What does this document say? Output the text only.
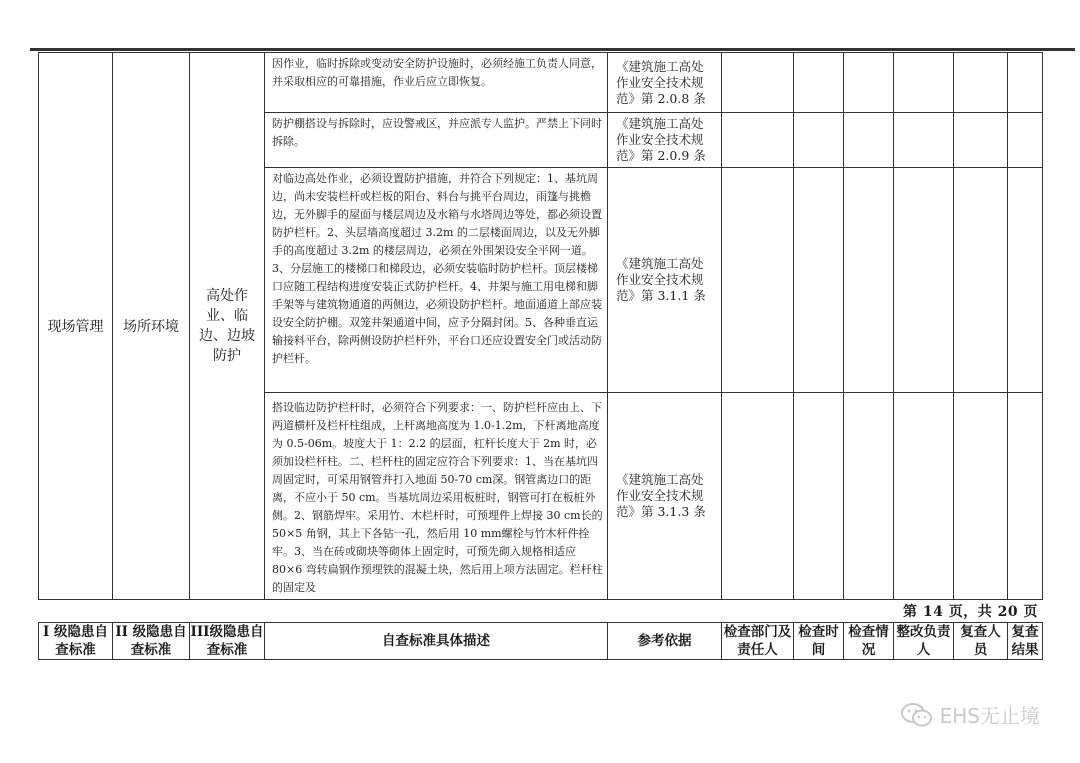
现场管理	场所环境	高处作业、临边、边坡防护	因作业，临时拆除或变动安全防护设施时，必须经施工负责人同意，并采取相应的可靠措施，作业后应立即恢复。	《建筑施工高处作业安全技术规范》第 2.0.8 条						
			防护棚搭设与拆除时，应设警戒区，并应派专人监护。严禁上下同时拆除。	《建筑施工高处作业安全技术规范》第 2.0.9 条						
			对临边高处作业，必须设置防护措施，并符合下列规定：1、基坑周边，尚未安装栏杆或栏板的阳台、料台与挑平台周边，雨篷与挑檐边，无外脚手的屋面与楼层周边及水箱与水塔周边等处，都必须设置防护栏杆。2、头层墙高度超过 3.2m 的二层楼面周边，以及无外脚手的高度超过 3.2m 的楼层周边，必须在外围架设安全平网一道。3、分层施工的楼梯口和梯段边，必须安装临时防护栏杆。顶层楼梯口应随工程结构进度安装正式防护栏杆。4、井架与施工用电梯和脚手架等与建筑物通道的两侧边，必须设防护栏杆。地面通道上部应装设安全防护棚。双笼井架通道中间，应予分隔封闭。5、各种垂直运输接料平台，除两侧设防护栏杆外，平台口还应设置安全门或活动防护栏杆。	《建筑施工高处作业安全技术规范》第 3.1.1 条						
			搭设临边防护栏杆时，必须符合下列要求：一、防护栏杆应由上、下两道横杆及栏杆柱组成，上杆离地高度为 1.0-1.2m，下杆离地高度为 0.5-06m。坡度大于 1：2.2 的层面，杠杆长度大于 2m 时，必须加设栏杆柱。二、栏杆柱的固定应符合下列要求：1、当在基坑四周固定时，可采用钢管并打入地面 50-70 cm深。钢管离边口的距离，不应小于 50 cm。当基坑周边采用板桩时，钢管可打在板桩外侧。2、钢筋焊牢。采用竹、木栏杆时，可预埋件上焊接 30 cm长的 50×5 角钢，其上下各钻一孔，然后用 10 mm螺栓与竹木杆件拴牢。3、当在砖或砌块等砌体上固定时，可预先砌入规格相适应 80×6 弯转扁钢作预埋铁的混凝土块，然后用上项方法固定。栏杆柱的固定及	《建筑施工高处作业安全技术规范》第 3.1.3 条						
第 14 页，共 20 页
I 级隐患自查标准	II 级隐患自查标准	III级隐患自查标准	自查标准具体描述	参考依据	检查部门及责任人	检查时间	检查情况	整改负责人	复查人员	复查结果
EHS无止境
